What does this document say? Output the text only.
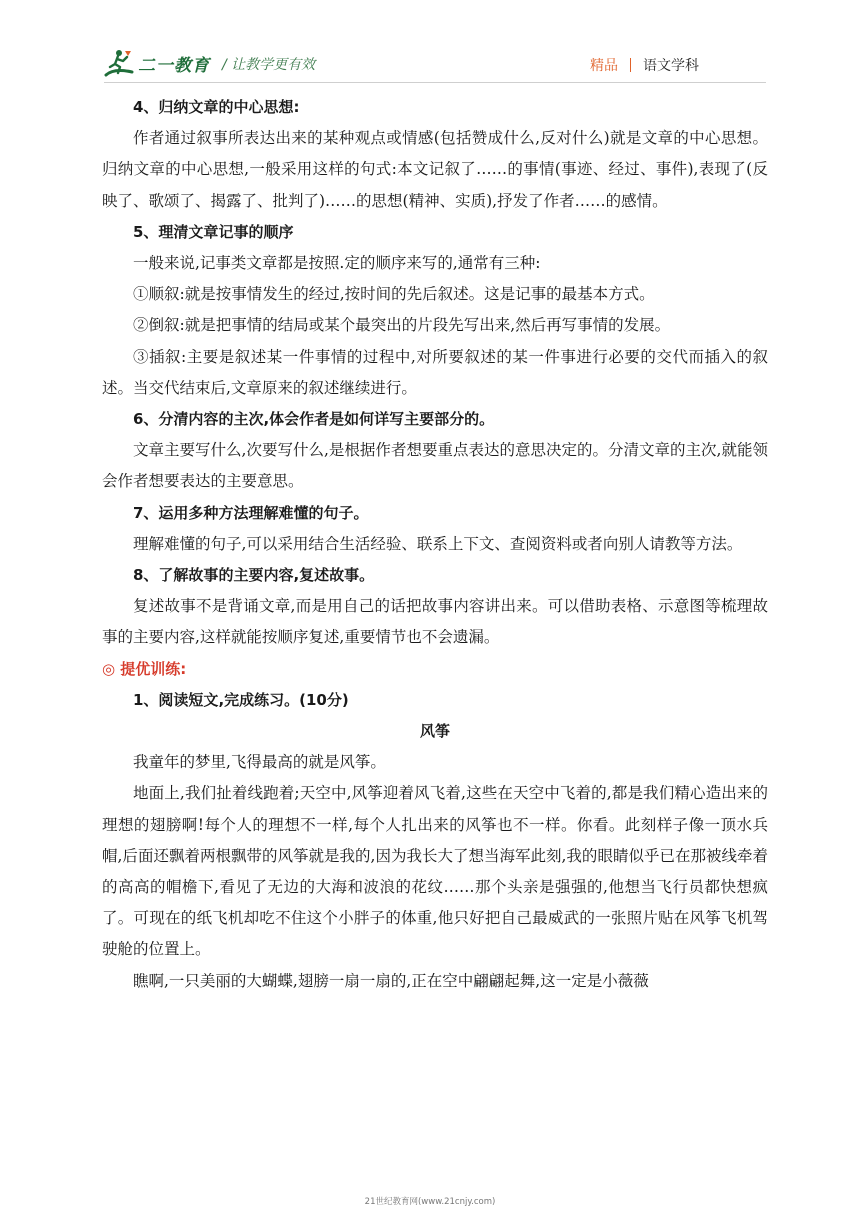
二一教育 / 让教学更有效	精品 语文学科

4、归纳文章的中心思想:

作者通过叙事所表达出来的某种观点或情感(包括赞成什么,反对什么)就是文章的中心思想。归纳文章的中心思想,一般采用这样的句式:本文记叙了……的事情(事迹、经过、事件),表现了(反映了、歌颂了、揭露了、批判了)……的思想(精神、实质),抒发了作者……的感情。

5、理清文章记事的顺序

一般来说,记事类文章都是按照.定的顺序来写的,通常有三种:

①顺叙:就是按事情发生的经过,按时间的先后叙述。这是记事的最基本方式。

②倒叙:就是把事情的结局或某个最突出的片段先写出来,然后再写事情的发展。

③插叙:主要是叙述某一件事情的过程中,对所要叙述的某一件事进行必要的交代而插入的叙述。当交代结束后,文章原来的叙述继续进行。

6、分清内容的主次,体会作者是如何详写主要部分的。

文章主要写什么,次要写什么,是根据作者想要重点表达的意思决定的。分清文章的主次,就能领会作者想要表达的主要意思。

7、运用多种方法理解难懂的句子。

理解难懂的句子,可以采用结合生活经验、联系上下文、查阅资料或者向别人请教等方法。

8、了解故事的主要内容,复述故事。

复述故事不是背诵文章,而是用自己的话把故事内容讲出来。可以借助表格、示意图等梳理故事的主要内容,这样就能按顺序复述,重要情节也不会遗漏。

◎ 提优训练:

1、阅读短文,完成练习。(10分)

风筝

我童年的梦里,飞得最高的就是风筝。

地面上,我们扯着线跑着;天空中,风筝迎着风飞着,这些在天空中飞着的,都是我们精心造出来的理想的翅膀啊!每个人的理想不一样,每个人扎出来的风筝也不一样。你看。此刻样子像一顶水兵帽,后面还飘着两根飘带的风筝就是我的,因为我长大了想当海军此刻,我的眼睛似乎已在那被线牵着的高高的帽檐下,看见了无边的大海和波浪的花纹……那个头亲是强强的,他想当飞行员都快想疯了。可现在的纸飞机却吃不住这个小胖子的体重,他只好把自己最威武的一张照片贴在风筝飞机驾驶舱的位置上。

瞧啊,一只美丽的大蝴蝶,翅膀一扇一扇的,正在空中翩翩起舞,这一定是小薇薇

21世纪教育网(www.21cnjy.com)
